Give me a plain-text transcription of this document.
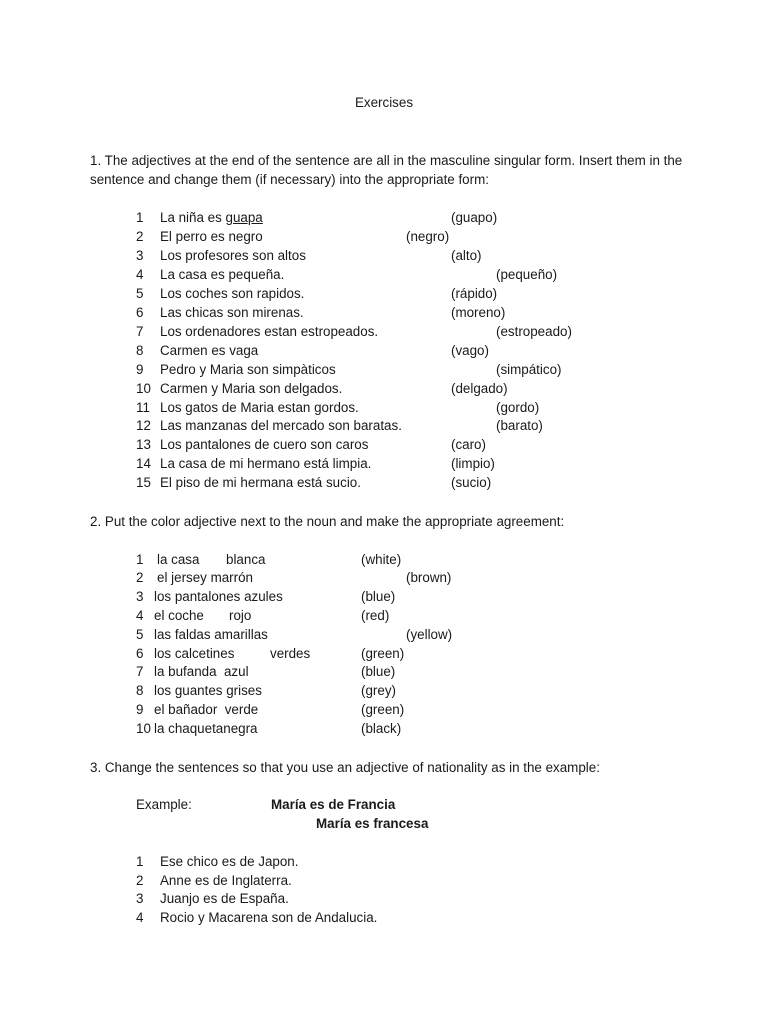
Exercises
1. The adjectives at the end of the sentence are all in the masculine singular form. Insert them in the sentence and change them (if necessary) into the appropriate form:
1 La niña es guapa	(guapo)
2 El perro es negro	(negro)
3 Los profesores son altos	(alto)
4 La casa es pequeña.	(pequeño)
5 Los coches son rapidos.	(rápido)
6 Las chicas son mirenas.	(moreno)
7 Los ordenadores estan estropeados.	(estropeado)
8 Carmen es vaga	(vago)
9 Pedro y Maria son simpàticos	(simpático)
10 Carmen y Maria son delgados.	(delgado)
11 Los gatos de Maria estan gordos.	(gordo)
12 Las manzanas del mercado son baratas.	(barato)
13 Los pantalones de cuero son caros	(caro)
14 La casa de mi hermano está limpia.	(limpio)
15 El piso de mi hermana está sucio.	(sucio)
2. Put the color adjective next to the noun and make the appropriate agreement:
1 la casa blanca	(white)
2 el jersey marrón	(brown)
3 los pantalones azules	(blue)
4 el coche rojo	(red)
5 las faldas amarillas	(yellow)
6 los calcetines	verdes	(green)
7 la bufanda  azul	(blue)
8 los guantes grises	(grey)
9 el bañador  verde	(green)
10 la chaquetanegra	(black)
3. Change the sentences so that you use an adjective of nationality as in the example:
Example:	María es de Francia
María es francesa
1 Ese chico es de Japon.
2 Anne es de Inglaterra.
3 Juanjo es de España.
4 Rocio y Macarena son de Andalucia.
